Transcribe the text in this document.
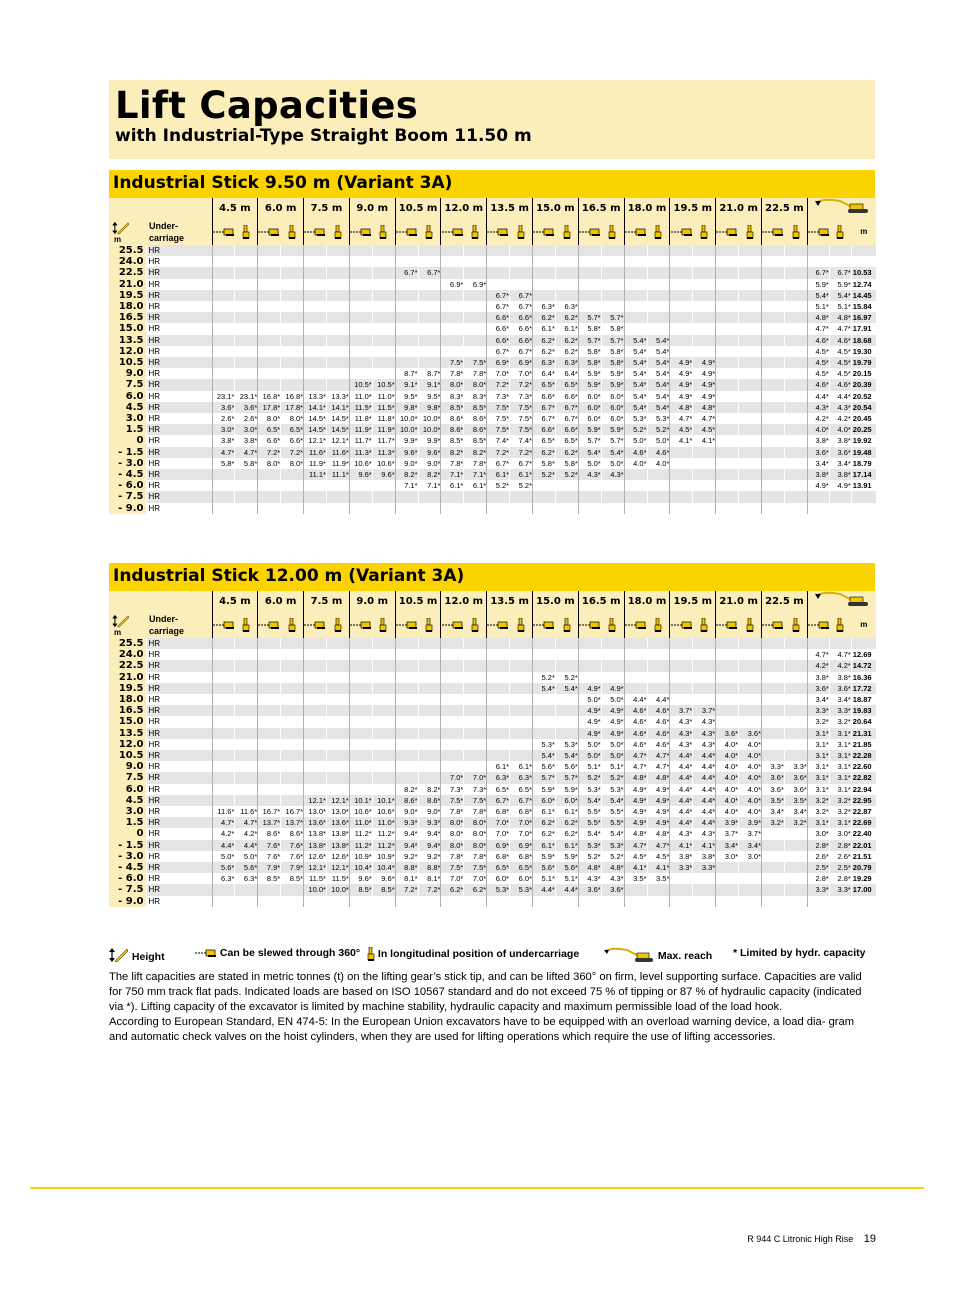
Lift Capacities
with Industrial-Type Straight Boom 11.50 m
Industrial Stick 9.50 m (Variant 3A)
		4.5 m		6.0 m		7.5 m		9.0 m		10.5 m		12.0 m		13.5 m		15.0 m		16.5 m		18.0 m		19.5 m		21.0 m		22.5 m	

m	Under-
carriage																													m
25.5	HR																													
24.0	HR																													
22.5	HR									6.7*	6.7*																	6.7*	6.7*	10.53
21.0	HR											6.9*	6.9*															5.9*	5.9*	12.74
19.5	HR													6.7*	6.7*													5.4*	5.4*	14.45
18.0	HR													6.7*	6.7*	6.3*	6.3*											5.1*	5.1*	15.84
16.5	HR													6.6*	6.6*	6.2*	6.2*	5.7*	5.7*									4.8*	4.8*	16.97
15.0	HR													6.6*	6.6*	6.1*	6.1*	5.8*	5.8*									4.7*	4.7*	17.91
13.5	HR													6.6*	6.6*	6.2*	6.2*	5.7*	5.7*	5.4*	5.4*							4.6*	4.6*	18.68
12.0	HR													6.7*	6.7*	6.2*	6.2*	5.8*	5.8*	5.4*	5.4*							4.5*	4.5*	19.30
10.5	HR											7.5*	7.5*	6.9*	6.9*	6.3*	6.3*	5.8*	5.8*	5.4*	5.4*	4.9*	4.9*					4.5*	4.5*	19.79
9.0	HR									8.7*	8.7*	7.8*	7.8*	7.0*	7.0*	6.4*	6.4*	5.9*	5.9*	5.4*	5.4*	4.9*	4.9*					4.5*	4.5*	20.15
7.5	HR							10.5*	10.5*	9.1*	9.1*	8.0*	8.0*	7.2*	7.2*	6.5*	6.5*	5.9*	5.9*	5.4*	5.4*	4.9*	4.9*					4.6*	4.6*	20.39
6.0	HR	23.1*	23.1*	16.8*	16.8*	13.3*	13.3*	11.0*	11.0*	9.5*	9.5*	8.3*	8.3*	7.3*	7.3*	6.6*	6.6*	6.0*	6.0*	5.4*	5.4*	4.9*	4.9*					4.4*	4.4*	20.52
4.5	HR	3.6*	3.6*	17.8*	17.8*	14.1*	14.1*	11.5*	11.5*	9.8*	9.8*	8.5*	8.5*	7.5*	7.5*	6.7*	6.7*	6.0*	6.0*	5.4*	5.4*	4.8*	4.8*					4.3*	4.3*	20.54
3.0	HR	2.6*	2.6*	8.0*	8.0*	14.5*	14.5*	11.8*	11.8*	10.0*	10.0*	8.6*	8.6*	7.5*	7.5*	6.7*	6.7*	6.0*	6.0*	5.3*	5.3*	4.7*	4.7*					4.2*	4.2*	20.45
1.5	HR	3.0*	3.0*	6.5*	6.5*	14.5*	14.5*	11.9*	11.9*	10.0*	10.0*	8.6*	8.6*	7.5*	7.5*	6.6*	6.6*	5.9*	5.9*	5.2*	5.2*	4.5*	4.5*					4.0*	4.0*	20.25
0	HR	3.8*	3.8*	6.6*	6.6*	12.1*	12.1*	11.7*	11.7*	9.9*	9.9*	8.5*	8.5*	7.4*	7.4*	6.5*	6.5*	5.7*	5.7*	5.0*	5.0*	4.1*	4.1*					3.8*	3.8*	19.92
- 1.5	HR	4.7*	4.7*	7.2*	7.2*	11.6*	11.6*	11.3*	11.3*	9.6*	9.6*	8.2*	8.2*	7.2*	7.2*	6.2*	6.2*	5.4*	5.4*	4.6*	4.6*							3.6*	3.6*	19.48
- 3.0	HR	5.8*	5.8*	8.0*	8.0*	11.9*	11.9*	10.6*	10.6*	9.0*	9.0*	7.8*	7.8*	6.7*	6.7*	5.8*	5.8*	5.0*	5.0*	4.0*	4.0*							3.4*	3.4*	18.79
- 4.5	HR					11.1*	11.1*	9.6*	9.6*	8.2*	8.2*	7.1*	7.1*	6.1*	6.1*	5.2*	5.2*	4.3*	4.3*									3.8*	3.8*	17.14
- 6.0	HR									7.1*	7.1*	6.1*	6.1*	5.2*	5.2*													4.9*	4.9*	13.91
- 7.5	HR																													
- 9.0	HR																													
Industrial Stick 12.00 m (Variant 3A)
		4.5 m		6.0 m		7.5 m		9.0 m		10.5 m		12.0 m		13.5 m		15.0 m		16.5 m		18.0 m		19.5 m		21.0 m		22.5 m	

m	Under-
carriage																													m
25.5	HR																													
24.0	HR																											4.7*	4.7*	12.69
22.5	HR																											4.2*	4.2*	14.72
21.0	HR															5.2*	5.2*											3.8*	3.8*	16.36
19.5	HR															5.4*	5.4*	4.9*	4.9*									3.6*	3.6*	17.72
18.0	HR																	5.0*	5.0*	4.4*	4.4*							3.4*	3.4*	18.87
16.5	HR																	4.9*	4.9*	4.6*	4.6*	3.7*	3.7*					3.3*	3.3*	19.83
15.0	HR																	4.9*	4.9*	4.6*	4.6*	4.3*	4.3*					3.2*	3.2*	20.64
13.5	HR																	4.9*	4.9*	4.6*	4.6*	4.3*	4.3*	3.6*	3.6*			3.1*	3.1*	21.31
12.0	HR															5.3*	5.3*	5.0*	5.0*	4.6*	4.6*	4.3*	4.3*	4.0*	4.0*			3.1*	3.1*	21.85
10.5	HR															5.4*	5.4*	5.0*	5.0*	4.7*	4.7*	4.4*	4.4*	4.0*	4.0*			3.1*	3.1*	22.28
9.0	HR													6.1*	6.1*	5.6*	5.6*	5.1*	5.1*	4.7*	4.7*	4.4*	4.4*	4.0*	4.0*	3.3*	3.3*	3.1*	3.1*	22.60
7.5	HR											7.0*	7.0*	6.3*	6.3*	5.7*	5.7*	5.2*	5.2*	4.8*	4.8*	4.4*	4.4*	4.0*	4.0*	3.6*	3.6*	3.1*	3.1*	22.82
6.0	HR									8.2*	8.2*	7.3*	7.3*	6.5*	6.5*	5.9*	5.9*	5.3*	5.3*	4.9*	4.9*	4.4*	4.4*	4.0*	4.0*	3.6*	3.6*	3.1*	3.1*	22.94
4.5	HR					12.1*	12.1*	10.1*	10.1*	8.6*	8.6*	7.5*	7.5*	6.7*	6.7*	6.0*	6.0*	5.4*	5.4*	4.9*	4.9*	4.4*	4.4*	4.0*	4.0*	3.5*	3.5*	3.2*	3.2*	22.95
3.0	HR	11.6*	11.6*	16.7*	16.7*	13.0*	13.0*	10.6*	10.6*	9.0*	9.0*	7.8*	7.8*	6.8*	6.8*	6.1*	6.1*	5.5*	5.5*	4.9*	4.9*	4.4*	4.4*	4.0*	4.0*	3.4*	3.4*	3.2*	3.2*	22.87
1.5	HR	4.7*	4.7*	13.7*	13.7*	13.6*	13.6*	11.0*	11.0*	9.3*	9.3*	8.0*	8.0*	7.0*	7.0*	6.2*	6.2*	5.5*	5.5*	4.9*	4.9*	4.4*	4.4*	3.9*	3.9*	3.2*	3.2*	3.1*	3.1*	22.69
0	HR	4.2*	4.2*	8.6*	8.6*	13.8*	13.8*	11.2*	11.2*	9.4*	9.4*	8.0*	8.0*	7.0*	7.0*	6.2*	6.2*	5.4*	5.4*	4.8*	4.8*	4.3*	4.3*	3.7*	3.7*			3.0*	3.0*	22.40
- 1.5	HR	4.4*	4.4*	7.6*	7.6*	13.8*	13.8*	11.2*	11.2*	9.4*	9.4*	8.0*	8.0*	6.9*	6.9*	6.1*	6.1*	5.3*	5.3*	4.7*	4.7*	4.1*	4.1*	3.4*	3.4*			2.8*	2.8*	22.01
- 3.0	HR	5.0*	5.0*	7.6*	7.6*	12.6*	12.6*	10.9*	10.9*	9.2*	9.2*	7.8*	7.8*	6.8*	6.8*	5.9*	5.9*	5.2*	5.2*	4.5*	4.5*	3.8*	3.8*	3.0*	3.0*			2.6*	2.6*	21.51
- 4.5	HR	5.6*	5.6*	7.9*	7.9*	12.1*	12.1*	10.4*	10.4*	8.8*	8.8*	7.5*	7.5*	6.5*	6.5*	5.6*	5.6*	4.8*	4.8*	4.1*	4.1*	3.3*	3.3*					2.5*	2.5*	20.79
- 6.0	HR	6.3*	6.3*	8.5*	8.5*	11.5*	11.5*	9.6*	9.6*	8.1*	8.1*	7.0*	7.0*	6.0*	6.0*	5.1*	5.1*	4.3*	4.3*	3.5*	3.5*							2.8*	2.8*	19.29
- 7.5	HR					10.0*	10.0*	8.5*	8.5*	7.2*	7.2*	6.2*	6.2*	5.3*	5.3*	4.4*	4.4*	3.6*	3.6*									3.3*	3.3*	17.00
- 9.0	HR																													
Height	Can be slewed through 360°	In longitudinal position of undercarriage	Max. reach * Limited by hydr. capacity

The lift capacities are stated in metric tonnes (t) on the lifting gear’s stick tip, and can be lifted 360° on firm, level supporting surface. Capacities are valid for 750 mm track flat pads. Indicated loads are based on ISO 10567 standard and do not exceed 75 % of tipping or 87 % of hydraulic capacity (indicated via *). Lifting capacity of the excavator is limited by machine stability, hydraulic capacity and maximum permissible load of the load hook.

According to European Standard, EN 474-5: In the European Union excavators have to be equipped with an overload warning device, a load dia- gram and automatic check valves on the hoist cylinders, when they are used for lifting operations which require the use of lifting accessories.

R 944 C Litronic High Rise 19
